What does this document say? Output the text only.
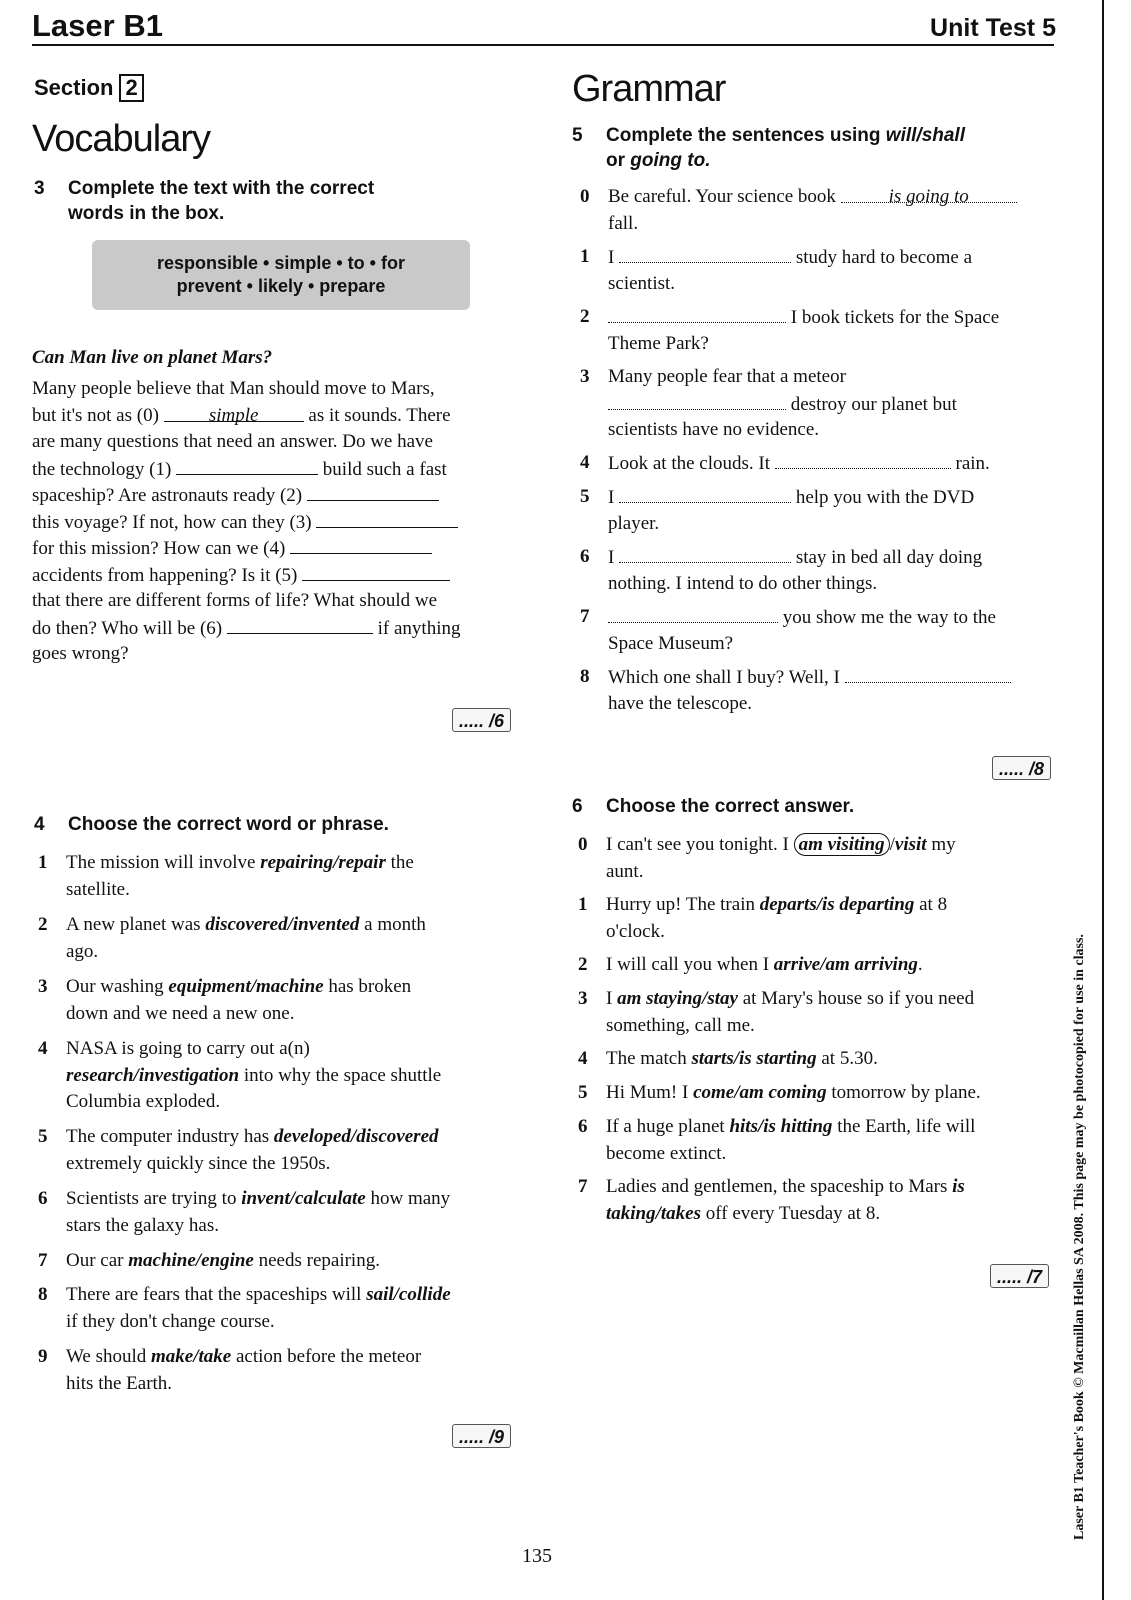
Laser B1	Unit Test 5
Section 2
Vocabulary
3 Complete the text with the correct
words in the box.
responsible • simple • to • for
prevent • likely • prepare
Can Man live on planet Mars?
Many people believe that Man should move to Mars,
but it's not as (0) simple as it sounds. There
are many questions that need an answer. Do we have
the technology (1)	build such a fast
spaceship? Are astronauts ready (2)
this voyage? If not, how can they (3)
for this mission? How can we (4)
accidents from happening? Is it (5)
that there are different forms of life? What should we
do then? Who will be (6)	if anything
goes wrong?
..... /6
4 Choose the correct word or phrase.
1 The mission will involve repairing/repair the
satellite.
2 A new planet was discovered/invented a month
ago.
3 Our washing equipment/machine has broken
down and we need a new one.
4 NASA is going to carry out a(n)
research/investigation into why the space shuttle
Columbia exploded.
5 The computer industry has developed/discovered
extremely quickly since the 1950s.
6 Scientists are trying to invent/calculate how many
stars the galaxy has.
7 Our car machine/engine needs repairing.
8 There are fears that the spaceships will sail/collide
if they don't change course.
9 We should make/take action before the meteor
hits the Earth.
..... /9
Grammar
5 Complete the sentences using will/shall
or going to.
0 Be careful. Your science book	is going to
fall.
1 I	study hard to become a
scientist.
2	I book tickets for the Space
Theme Park?
3 Many people fear that a meteor
destroy our planet but
scientists have no evidence.
4 Look at the clouds. It	rain.
5 I	help you with the DVD
player.
6 I	stay in bed all day doing
nothing. I intend to do other things.
7	you show me the way to the
Space Museum?
8 Which one shall I buy? Well, I
have the telescope.
..... /8
6 Choose the correct answer.
0 I can't see you tonight. I am visiting /visit my
aunt.
1 Hurry up! The train departs/is departing at 8
o'clock.
2 I will call you when I arrive/am arriving.
3 I am staying/stay at Mary's house so if you need
something, call me.
4 The match starts/is starting at 5.30.
5 Hi Mum! I come/am coming tomorrow by plane.
6 If a huge planet hits/is hitting the Earth, life will
become extinct.
7 Ladies and gentlemen, the spaceship to Mars is
taking/takes off every Tuesday at 8.
..... /7
135
Laser B1 Teacher's Book © Macmillan Hellas SA 2008. This page may be photocopied for use in class.
